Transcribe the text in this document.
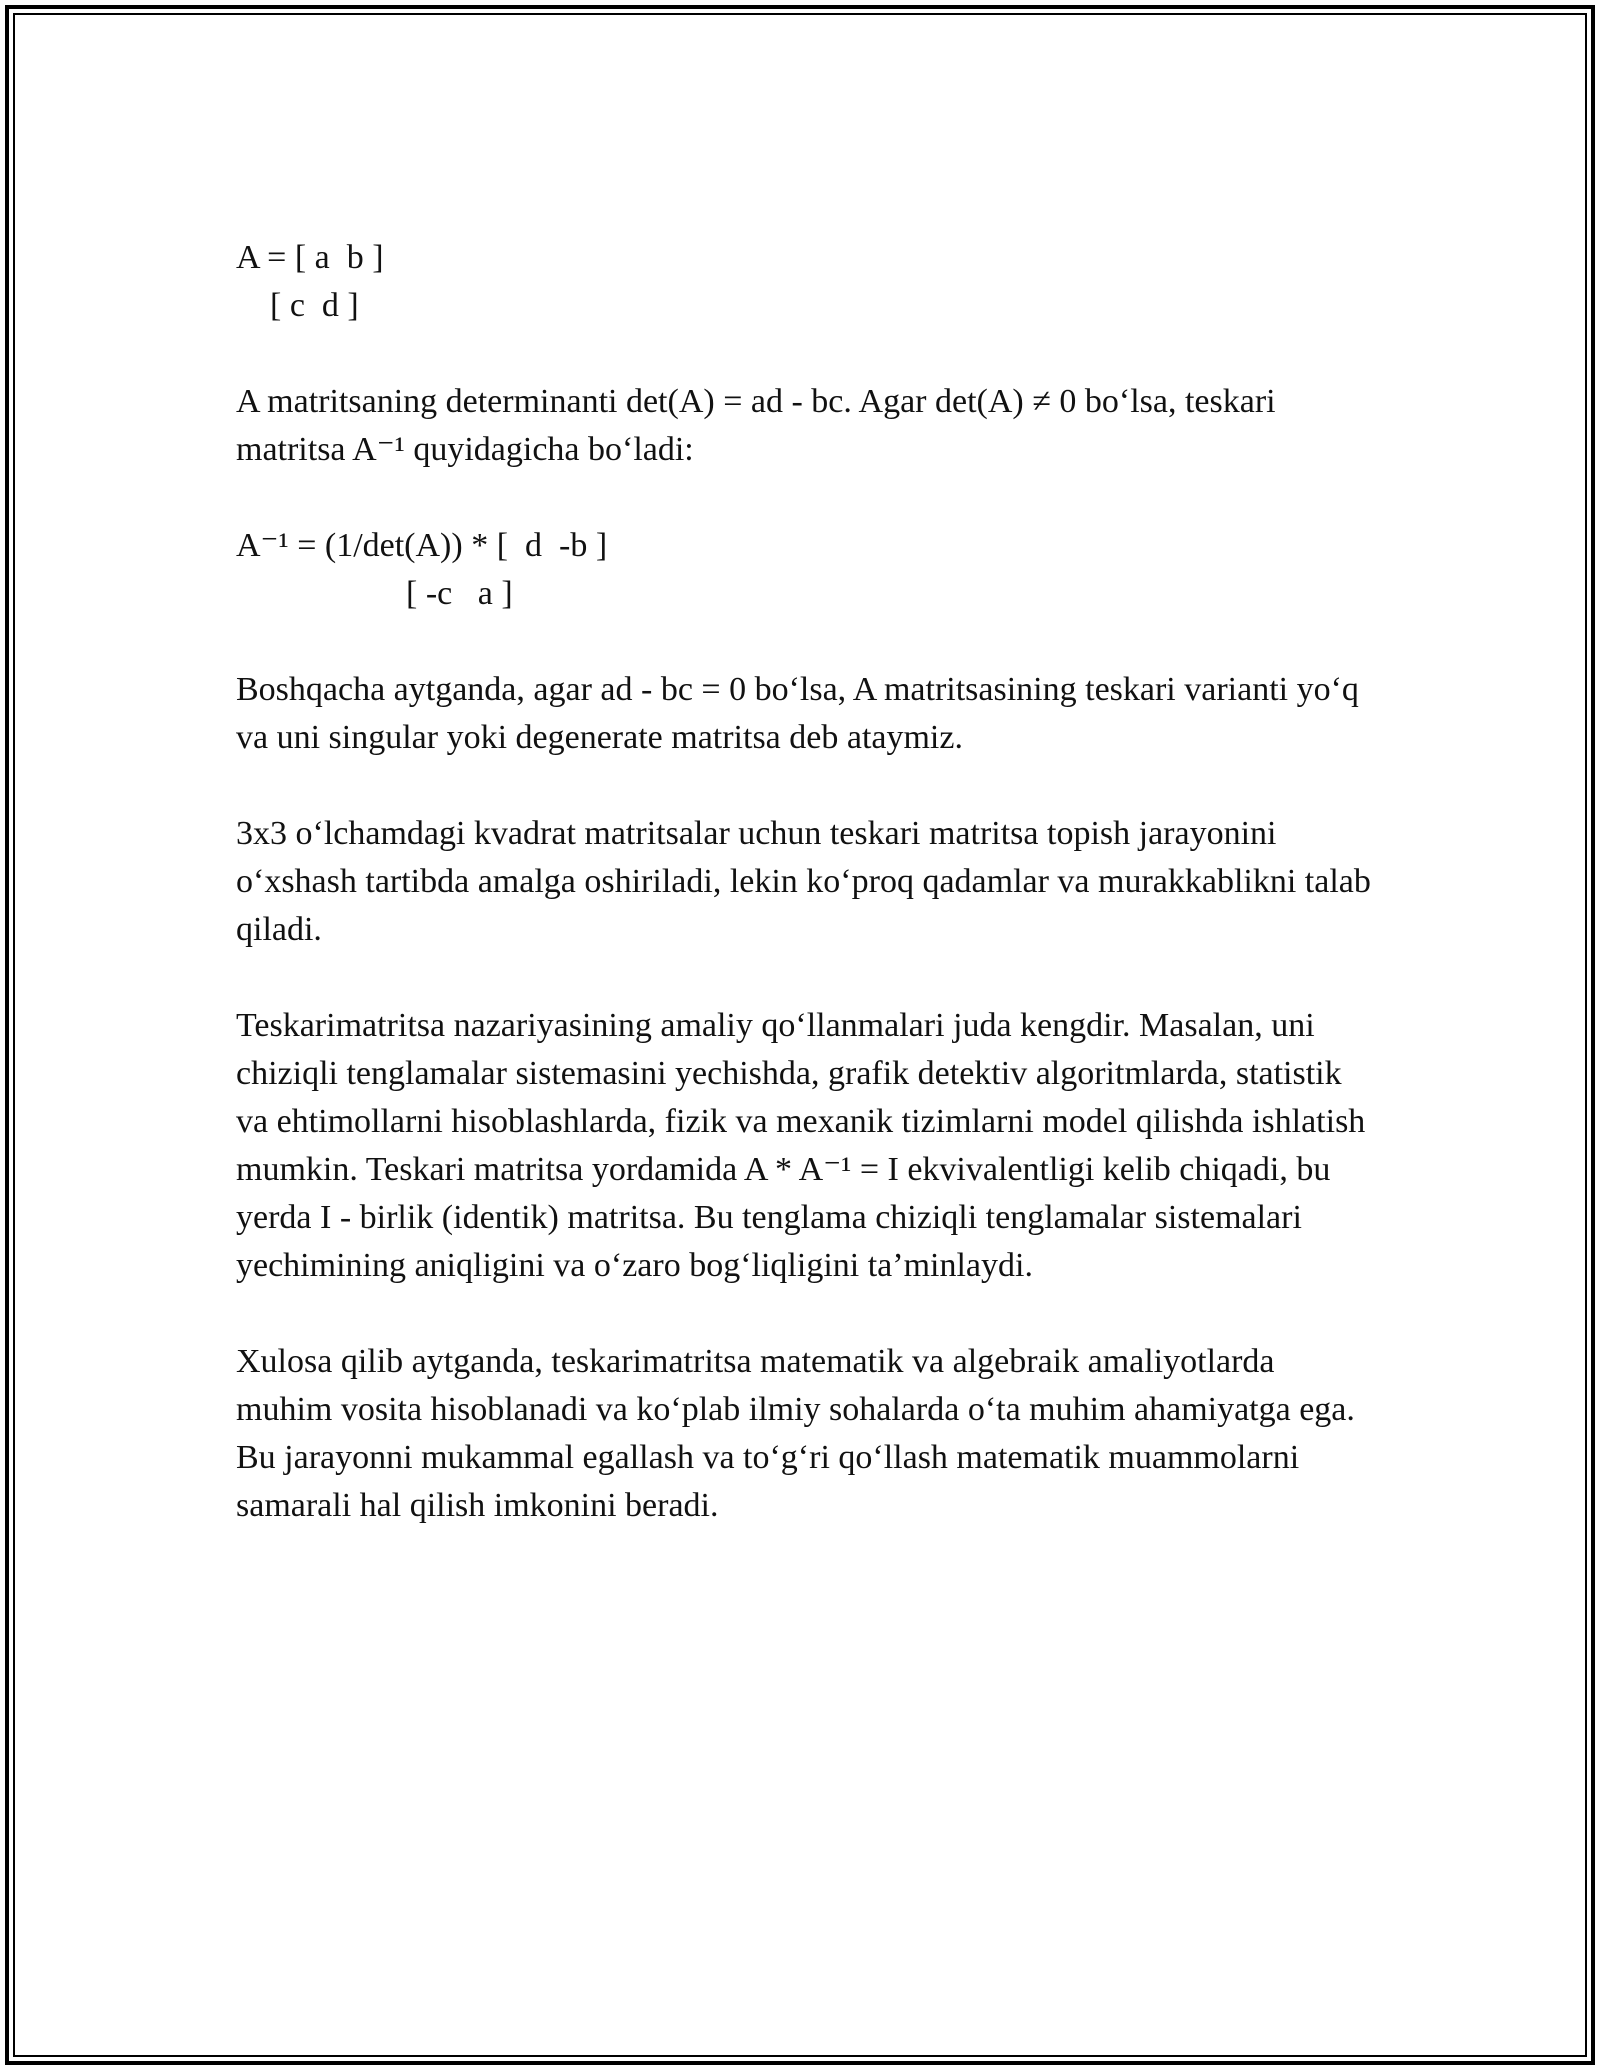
A = [ a  b ]
[ c  d ]
A matritsaning determinanti det(A) = ad - bc. Agar det(A) ≠ 0 bo‘lsa, teskari matritsa A⁻¹ quyidagicha bo‘ladi:
A⁻¹ = (1/det(A)) * [  d  -b ]
[ -c   a ]
Boshqacha aytganda, agar ad - bc = 0 bo‘lsa, A matritsasining teskari varianti yo‘q va uni singular yoki degenerate matritsa deb ataymiz.
3x3 o‘lchamdagi kvadrat matritsalar uchun teskari matritsa topish jarayonini o‘xshash tartibda amalga oshiriladi, lekin ko‘proq qadamlar va murakkablikni talab qiladi.
Teskarimatritsa nazariyasining amaliy qo‘llanmalari juda kengdir. Masalan, uni chiziqli tenglamalar sistemasini yechishda, grafik detektiv algoritmlarda, statistik va ehtimollarni hisoblashlarda, fizik va mexanik tizimlarni model qilishda ishlatish mumkin. Teskari matritsa yordamida A * A⁻¹ = I ekvivalentligi kelib chiqadi, bu yerda I - birlik (identik) matritsa. Bu tenglama chiziqli tenglamalar sistemalari yechimining aniqligini va o‘zaro bog‘liqligini ta’minlaydi.
Xulosa qilib aytganda, teskarimatritsa matematik va algebraik amaliyotlarda muhim vosita hisoblanadi va ko‘plab ilmiy sohalarda o‘ta muhim ahamiyatga ega. Bu jarayonni mukammal egallash va to‘g‘ri qo‘llash matematik muammolarni samarali hal qilish imkonini beradi.
